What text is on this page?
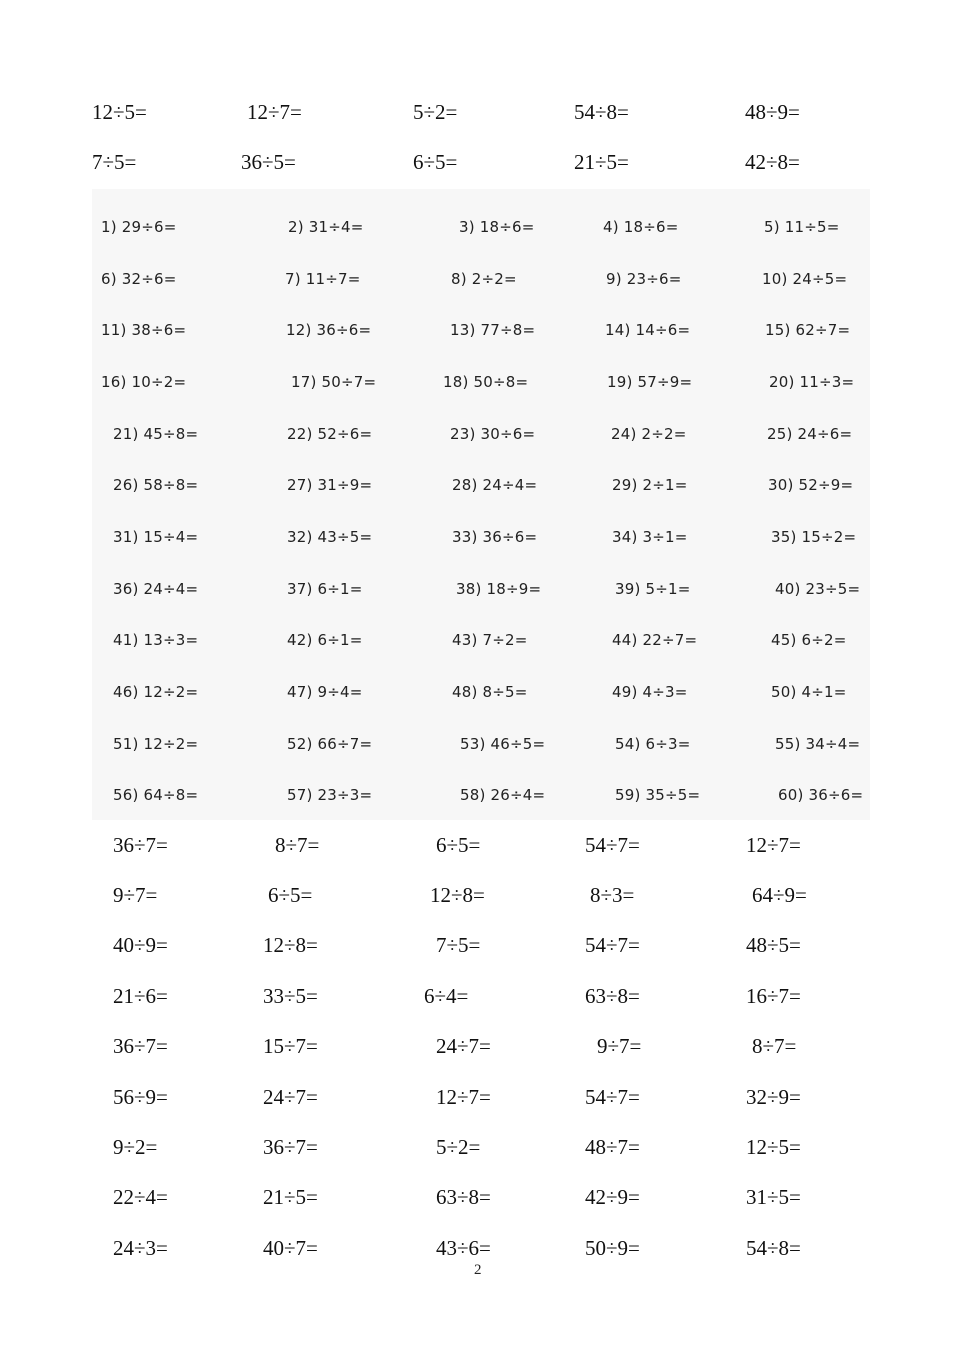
12÷5=	12÷7=	5÷2=	54÷8=	48÷9=
7÷5=	36÷5=	6÷5=	21÷5=	42÷8=
1) 29÷6=	2) 31÷4=	3) 18÷6=	4) 18÷6=	5) 11÷5=
6) 32÷6=	7) 11÷7=	8) 2÷2=	9) 23÷6=	10) 24÷5=
11) 38÷6=	12) 36÷6=	13) 77÷8=	14) 14÷6=	15) 62÷7=
16) 10÷2=	17) 50÷7=	18) 50÷8=	19) 57÷9=	20) 11÷3=
21) 45÷8=	22) 52÷6=	23) 30÷6=	24) 2÷2=	25) 24÷6=
26) 58÷8=	27) 31÷9=	28) 24÷4=	29) 2÷1=	30) 52÷9=
31) 15÷4=	32) 43÷5=	33) 36÷6=	34) 3÷1=	35) 15÷2=
36) 24÷4=	37) 6÷1=	38) 18÷9=	39) 5÷1=	40) 23÷5=
41) 13÷3=	42) 6÷1=	43) 7÷2=	44) 22÷7=	45) 6÷2=
46) 12÷2=	47) 9÷4=	48) 8÷5=	49) 4÷3=	50) 4÷1=
51) 12÷2=	52) 66÷7=	53) 46÷5=	54) 6÷3=	55) 34÷4=
56) 64÷8=	57) 23÷3=	58) 26÷4=	59) 35÷5=	60) 36÷6=
36÷7=	8÷7=	6÷5=	54÷7=	12÷7=
9÷7=	6÷5=	12÷8=	8÷3=	64÷9=
40÷9=	12÷8=	7÷5=	54÷7=	48÷5=
21÷6=	33÷5=	6÷4=	63÷8=	16÷7=
36÷7=	15÷7=	24÷7=	9÷7=	8÷7=
56÷9=	24÷7=	12÷7=	54÷7=	32÷9=
9÷2=	36÷7=	5÷2=	48÷7=	12÷5=
22÷4=	21÷5=	63÷8=	42÷9=	31÷5=
24÷3=	40÷7=	43÷6=	50÷9=	54÷8=
2
